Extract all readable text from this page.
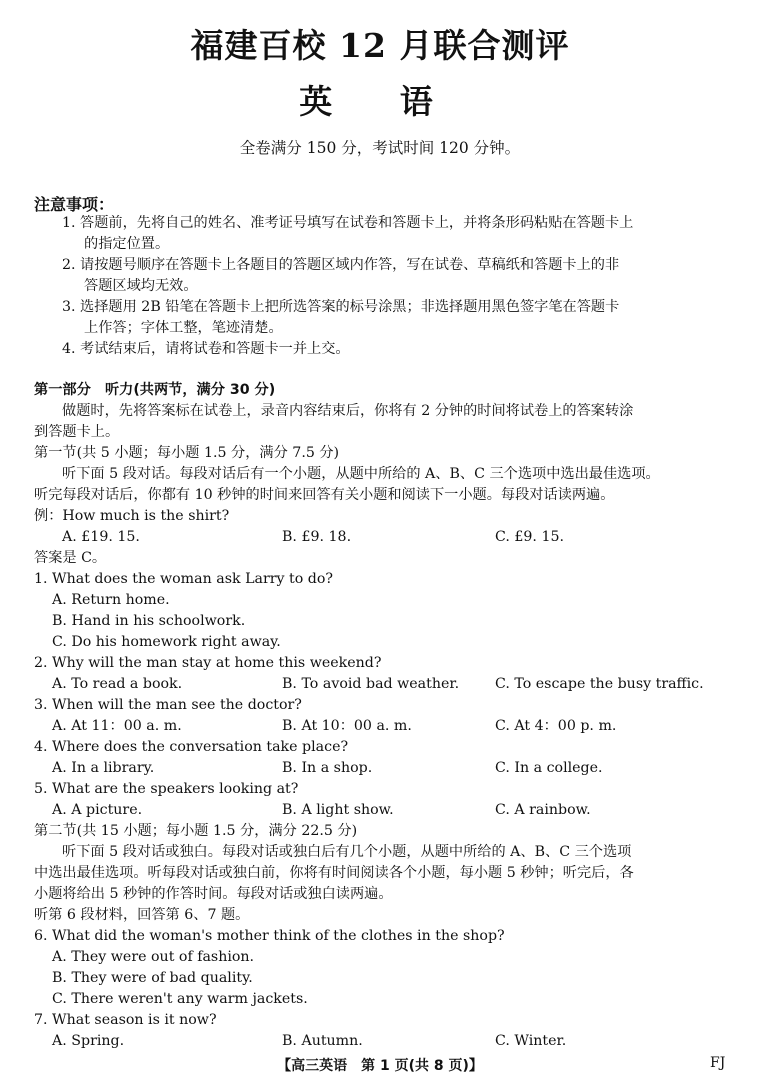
福建百校 12 月联合测评
英 语
全卷满分 150 分，考试时间 120 分钟。
注意事项：
1. 答题前，先将自己的姓名、准考证号填写在试卷和答题卡上，并将条形码粘贴在答题卡上
的指定位置。
2. 请按题号顺序在答题卡上各题目的答题区域内作答，写在试卷、草稿纸和答题卡上的非
答题区域均无效。
3. 选择题用 2B 铅笔在答题卡上把所选答案的标号涂黑；非选择题用黑色签字笔在答题卡
上作答；字体工整，笔迹清楚。
4. 考试结束后，请将试卷和答题卡一并上交。
第一部分　听力(共两节，满分 30 分)
做题时，先将答案标在试卷上，录音内容结束后，你将有 2 分钟的时间将试卷上的答案转涂
到答题卡上。
第一节(共 5 小题；每小题 1.5 分，满分 7.5 分)
听下面 5 段对话。每段对话后有一个小题，从题中所给的 A、B、C 三个选项中选出最佳选项。
听完每段对话后，你都有 10 秒钟的时间来回答有关小题和阅读下一小题。每段对话读两遍。
例：How much is the shirt?
A. £19. 15.	B. £9. 18.	C. £9. 15.
答案是 C。
1. What does the woman ask Larry to do?
A. Return home.
B. Hand in his schoolwork.
C. Do his homework right away.
2. Why will the man stay at home this weekend?
A. To read a book.	B. To avoid bad weather.	C. To escape the busy traffic.
3. When will the man see the doctor?
A. At 11：00 a. m.	B. At 10：00 a. m.	C. At 4：00 p. m.
4. Where does the conversation take place?
A. In a library.	B. In a shop.	C. In a college.
5. What are the speakers looking at?
A. A picture.	B. A light show.	C. A rainbow.
第二节(共 15 小题；每小题 1.5 分，满分 22.5 分)
听下面 5 段对话或独白。每段对话或独白后有几个小题，从题中所给的 A、B、C 三个选项
中选出最佳选项。听每段对话或独白前，你将有时间阅读各个小题，每小题 5 秒钟；听完后，各
小题将给出 5 秒钟的作答时间。每段对话或独白读两遍。
听第 6 段材料，回答第 6、7 题。
6. What did the woman's mother think of the clothes in the shop?
A. They were out of fashion.
B. They were of bad quality.
C. There weren't any warm jackets.
7. What season is it now?
A. Spring.	B. Autumn.	C. Winter.
【高三英语　第 1 页(共 8 页)】	FJ
